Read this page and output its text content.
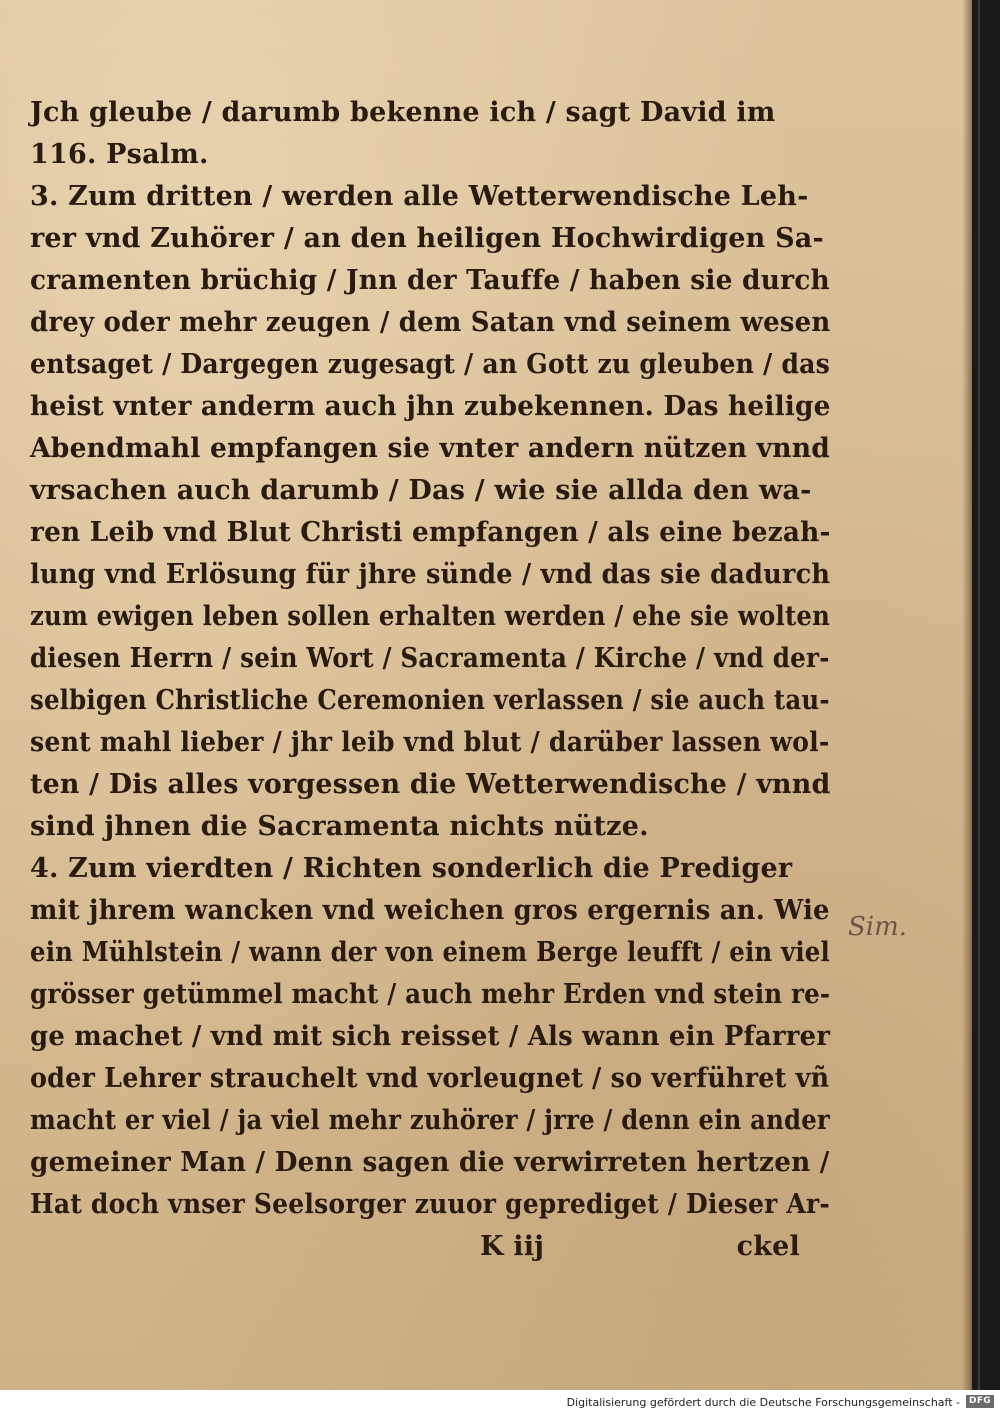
Jch gleube / darumb bekenne ich / sagt David im
116. Psalm.
3. Zum dritten / werden alle Wetterwendische Leh-
rer vnd Zuhörer / an den heiligen Hochwirdigen Sa-
cramenten brüchig / Jnn der Tauffe / haben sie durch
drey oder mehr zeugen / dem Satan vnd seinem wesen
entsaget / Dargegen zugesagt / an Gott zu gleuben / das
heist vnter anderm auch jhn zubekennen. Das heilige
Abendmahl empfangen sie vnter andern nützen vnnd
vrsachen auch darumb / Das / wie sie allda den wa-
ren Leib vnd Blut Christi empfangen / als eine bezah-
lung vnd Erlösung für jhre sünde / vnd das sie dadurch
zum ewigen leben sollen erhalten werden / ehe sie wolten
diesen Herrn / sein Wort / Sacramenta / Kirche / vnd der-
selbigen Christliche Ceremonien verlassen / sie auch tau-
sent mahl lieber / jhr leib vnd blut / darüber lassen wol-
ten / Dis alles vorgessen die Wetterwendische / vnnd
sind jhnen die Sacramenta nichts nütze.
4. Zum vierdten / Richten sonderlich die Prediger
mit jhrem wancken vnd weichen gros ergernis an. Wie
ein Mühlstein / wann der von einem Berge leufft / ein viel
grösser getümmel macht / auch mehr Erden vnd stein re-
ge machet / vnd mit sich reisset / Als wann ein Pfarrer
oder Lehrer strauchelt vnd vorleugnet / so verführet vñ
macht er viel / ja viel mehr zuhörer / jrre / denn ein ander
gemeiner Man / Denn sagen die verwirreten hertzen /
Hat doch vnser Seelsorger zuuor geprediget / Dieser Ar-
K iij	ckel
Sim.
Digitalisierung gefördert durch die Deutsche Forschungsgemeinschaft -	DFG
